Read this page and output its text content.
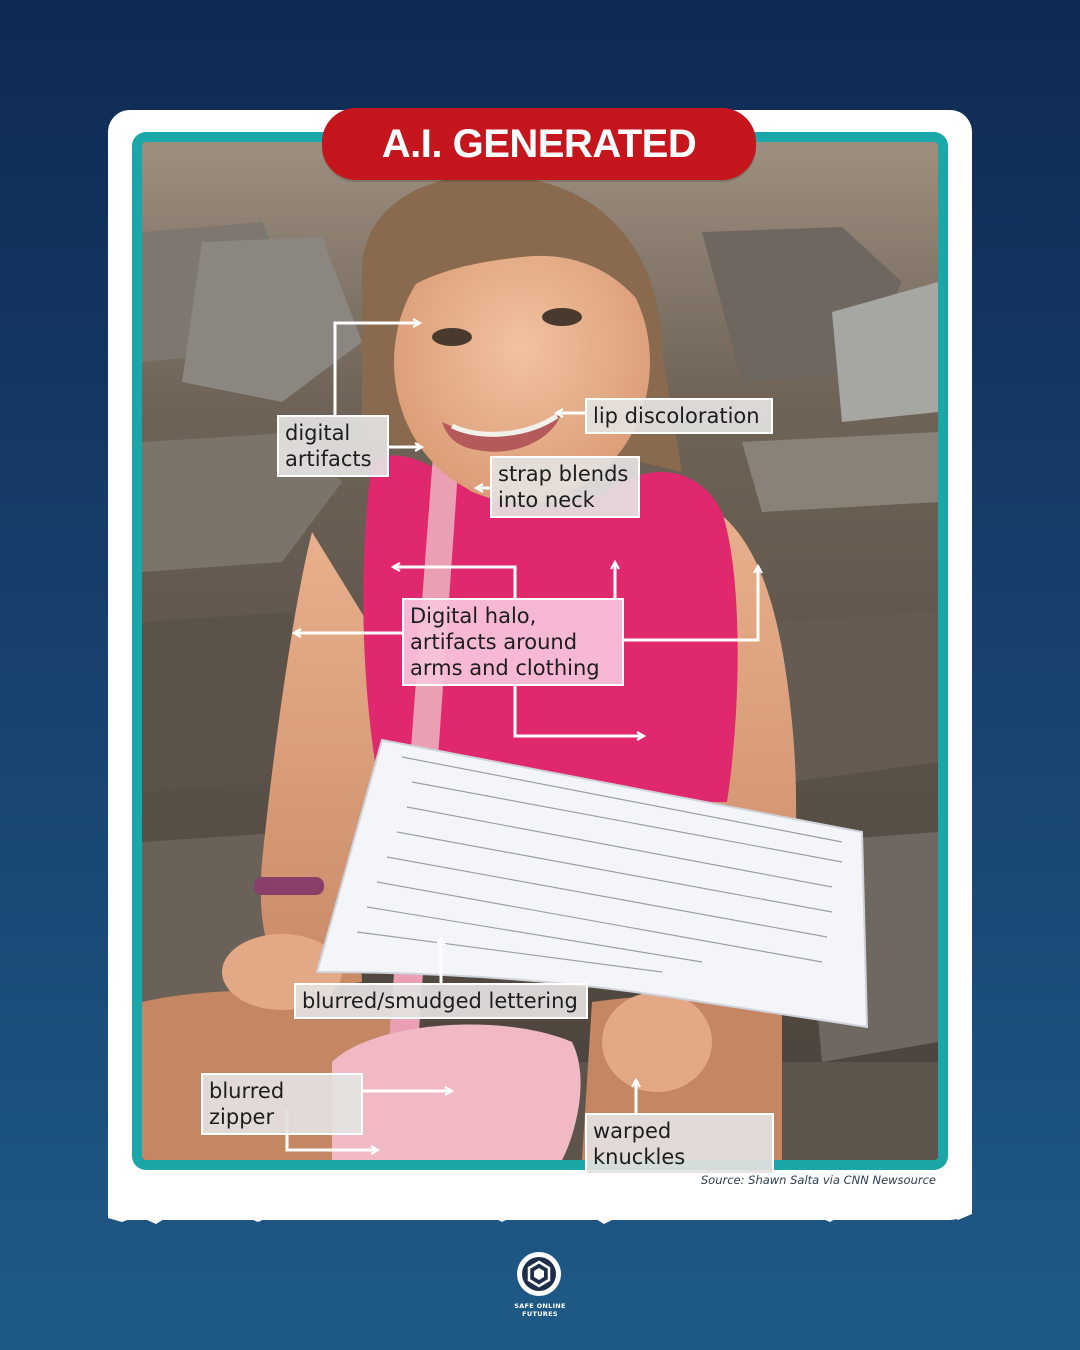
A.I. GENERATED
digital
artifacts
lip discoloration
strap blends
into neck
Digital halo,
artifacts around
arms and clothing
blurred/smudged lettering
blurred zipper
warped knuckles
Source: Shawn Salta via CNN Newsource
SAFE ONLINE
FUTURES
